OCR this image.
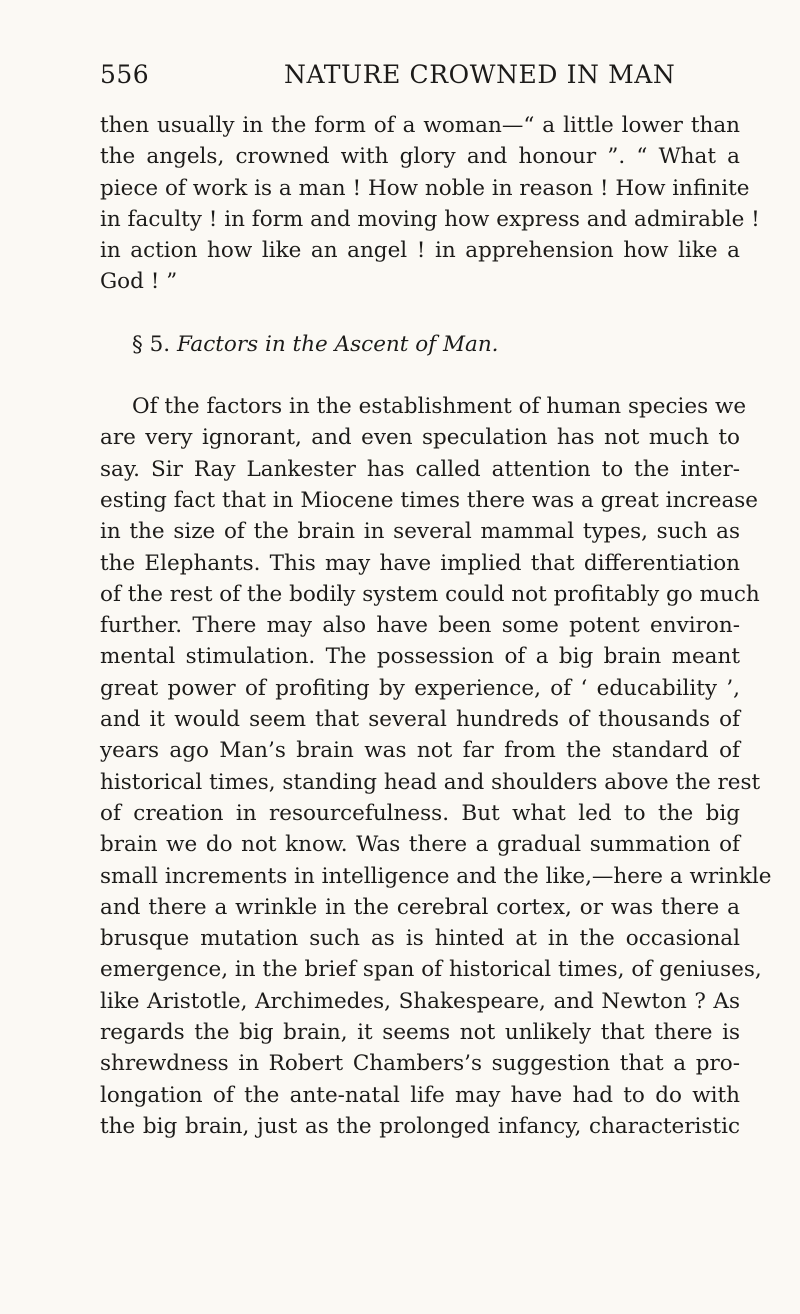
556	NATURE CROWNED IN MAN
then usually in the form of a woman—“ a little lower than
the angels, crowned with glory and honour ”. “ What a
piece of work is a man ! How noble in reason ! How infinite
in faculty ! in form and moving how express and admirable !
in action how like an angel ! in apprehension how like a
God ! ”
§ 5. Factors in the Ascent of Man.
Of the factors in the establishment of human species we
are very ignorant, and even speculation has not much to
say. Sir Ray Lankester has called attention to the inter-
esting fact that in Miocene times there was a great increase
in the size of the brain in several mammal types, such as
the Elephants. This may have implied that differentiation
of the rest of the bodily system could not profitably go much
further. There may also have been some potent environ-
mental stimulation. The possession of a big brain meant
great power of profiting by experience, of ‘ educability ’,
and it would seem that several hundreds of thousands of
years ago Man’s brain was not far from the standard of
historical times, standing head and shoulders above the rest
of creation in resourcefulness. But what led to the big
brain we do not know. Was there a gradual summation of
small increments in intelligence and the like,—here a wrinkle
and there a wrinkle in the cerebral cortex, or was there a
brusque mutation such as is hinted at in the occasional
emergence, in the brief span of historical times, of geniuses,
like Aristotle, Archimedes, Shakespeare, and Newton ? As
regards the big brain, it seems not unlikely that there is
shrewdness in Robert Chambers’s suggestion that a pro-
longation of the ante-natal life may have had to do with
the big brain, just as the prolonged infancy, characteristic
